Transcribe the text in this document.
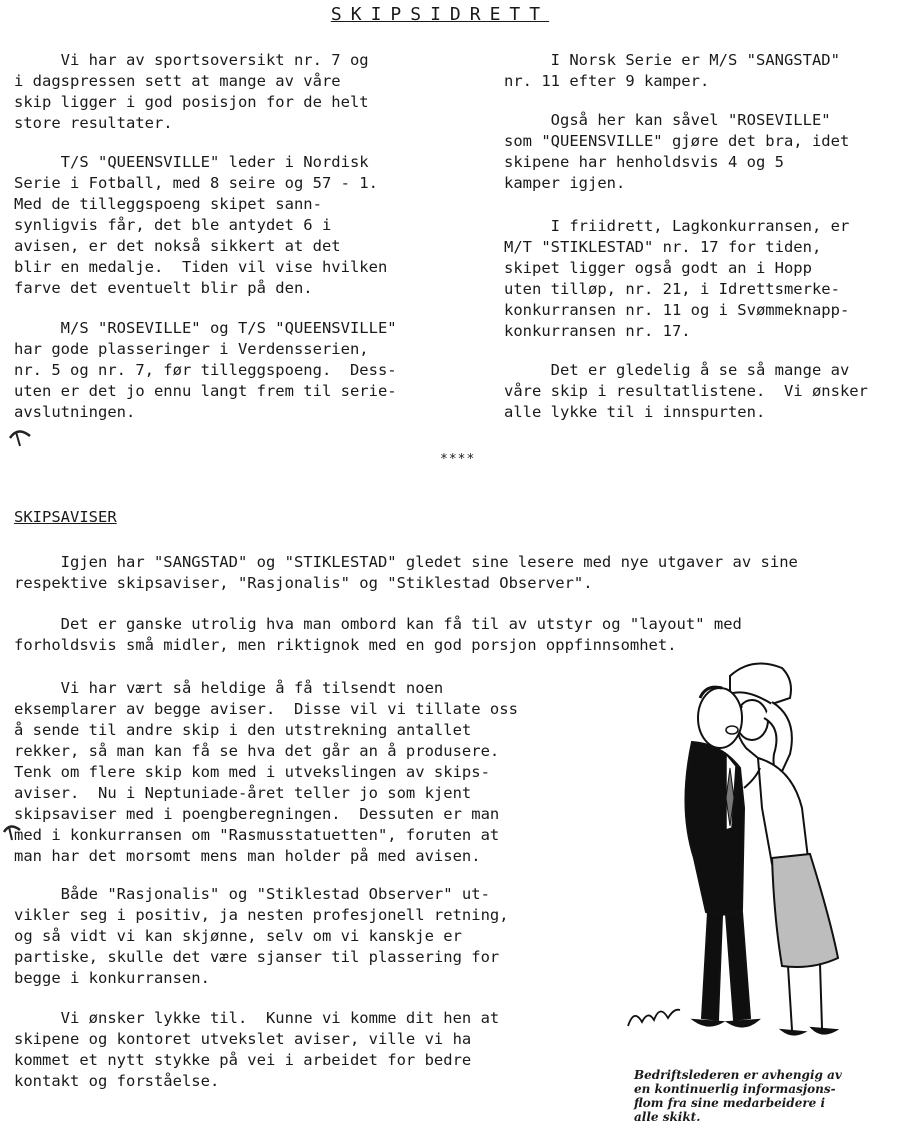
SKIPSIDRETT

Vi har av sportsoversikt nr. 7 og
i dagspressen sett at mange av våre
skip ligger i god posisjon for de helt
store resultater.

T/S "QUEENSVILLE" leder i Nordisk
Serie i Fotball, med 8 seire og 57 - 1.
Med de tilleggspoeng skipet sann-
synligvis får, det ble antydet 6 i
avisen, er det nokså sikkert at det
blir en medalje.  Tiden vil vise hvilken
farve det eventuelt blir på den.

M/S "ROSEVILLE" og T/S "QUEENSVILLE"
har gode plasseringer i Verdensserien,
nr. 5 og nr. 7, før tilleggspoeng.  Dess-
uten er det jo ennu langt frem til serie-
avslutningen.

I Norsk Serie er M/S "SANGSTAD"
nr. 11 efter 9 kamper.

Også her kan såvel "ROSEVILLE"
som "QUEENSVILLE" gjøre det bra, idet
skipene har henholdsvis 4 og 5
kamper igjen.

I friidrett, Lagkonkurransen, er
M/T "STIKLESTAD" nr. 17 for tiden,
skipet ligger også godt an i Hopp
uten tilløp, nr. 21, i Idrettsmerke-
konkurransen nr. 11 og i Svømmeknapp-
konkurransen nr. 17.

Det er gledelig å se så mange av
våre skip i resultatlistene.  Vi ønsker
alle lykke til i innspurten.

****
SKIPSAVISER

Igjen har "SANGSTAD" og "STIKLESTAD" gledet sine lesere med nye utgaver av sine
respektive skipsaviser, "Rasjonalis" og "Stiklestad Observer".

Det er ganske utrolig hva man ombord kan få til av utstyr og "layout" med
forholdsvis små midler, men riktignok med en god porsjon oppfinnsomhet.

Vi har vært så heldige å få tilsendt noen
eksemplarer av begge aviser.  Disse vil vi tillate oss
å sende til andre skip i den utstrekning antallet
rekker, så man kan få se hva det går an å produsere.
Tenk om flere skip kom med i utvekslingen av skips-
aviser.  Nu i Neptuniade-året teller jo som kjent
skipsaviser med i poengberegningen.  Dessuten er man
med i konkurransen om "Rasmusstatuetten", foruten at
man har det morsomt mens man holder på med avisen.

Både "Rasjonalis" og "Stiklestad Observer" ut-
vikler seg i positiv, ja nesten profesjonell retning,
og så vidt vi kan skjønne, selv om vi kanskje er
partiske, skulle det være sjanser til plassering for
begge i konkurransen.

Vi ønsker lykke til.  Kunne vi komme dit hen at
skipene og kontoret utvekslet aviser, ville vi ha
kommet et nytt stykke på vei i arbeidet for bedre
kontakt og forståelse.	Bedriftslederen er avhengig av
en kontinuerlig informasjons-
flom fra sine medarbeidere i
alle skikt.
